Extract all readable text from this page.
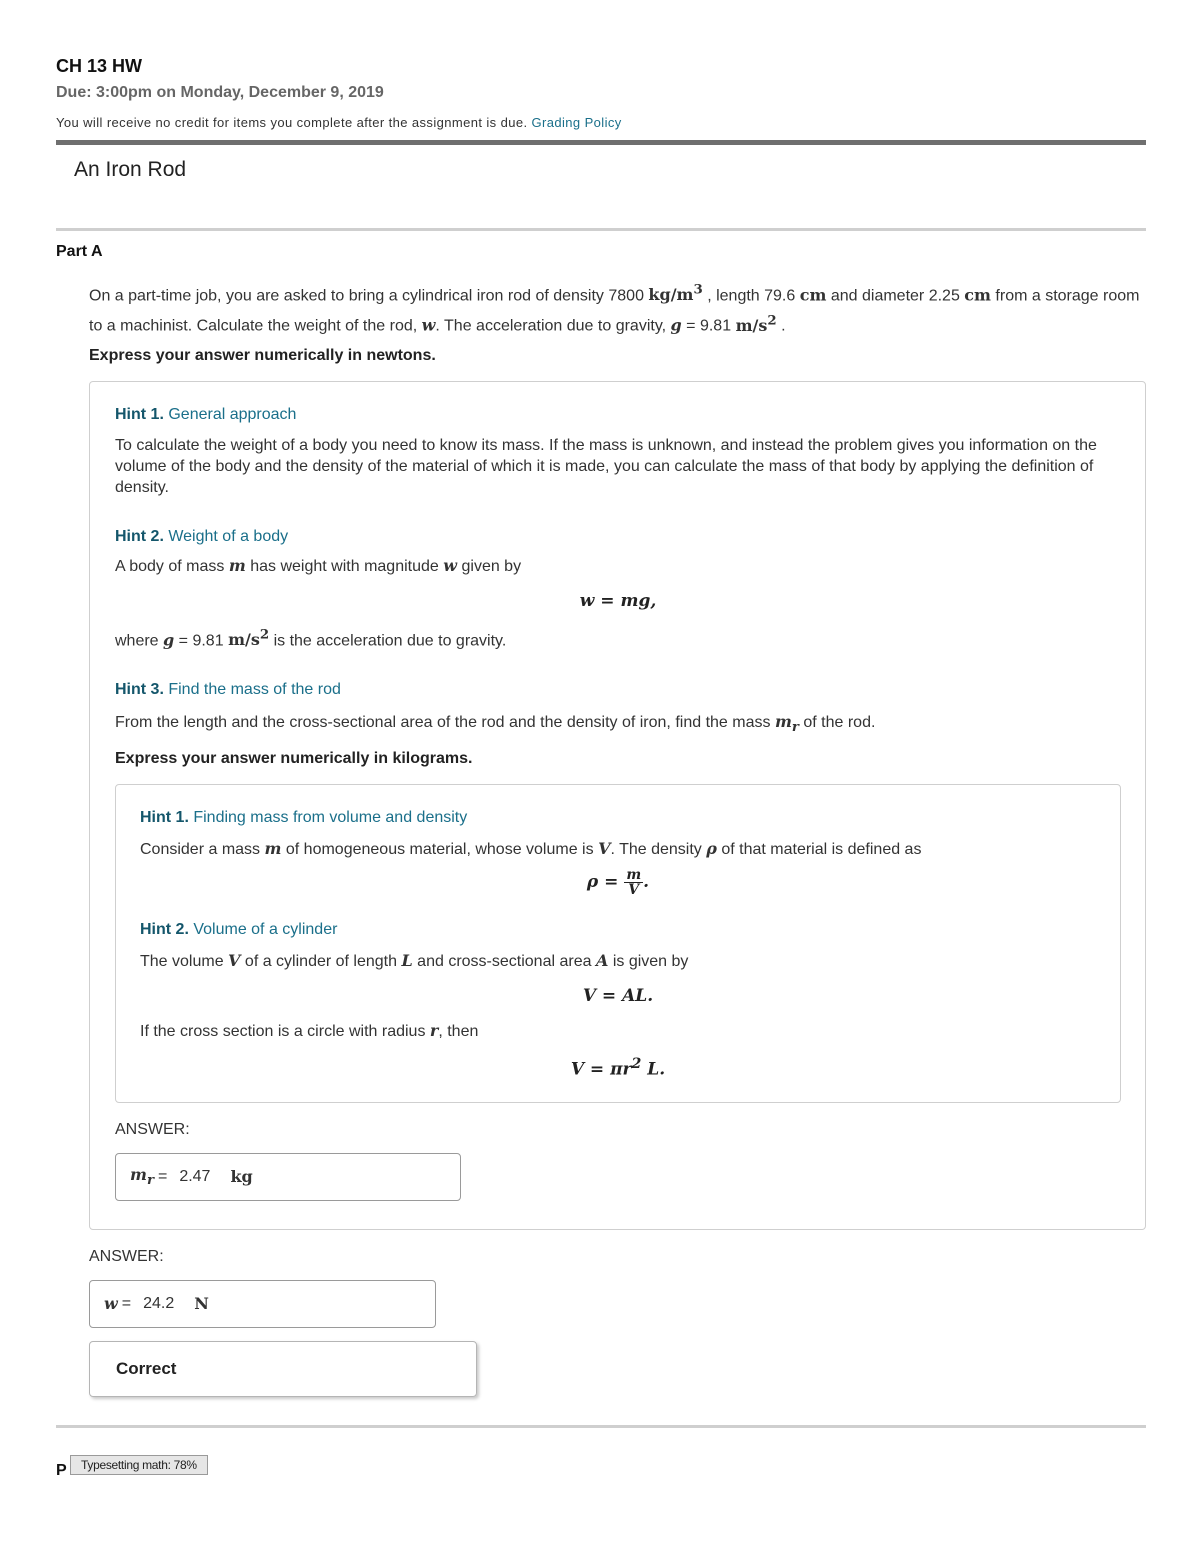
CH 13 HW
Due: 3:00pm on Monday, December 9, 2019
You will receive no credit for items you complete after the assignment is due. Grading Policy
An Iron Rod
Part A
On a part-time job, you are asked to bring a cylindrical iron rod of density 7800 $kg/m^3$ , length 79.6 cm and diameter 2.25 cm from a storage room to a machinist. Calculate the weight of the rod, w. The acceleration due to gravity, g = 9.81 $m/s^2$ .
Express your answer numerically in newtons.
Hint 1. General approach
To calculate the weight of a body you need to know its mass. If the mass is unknown, and instead the problem gives you information on the volume of the body and the density of the material of which it is made, you can calculate the mass of that body by applying the definition of density.
Hint 2. Weight of a body
A body of mass m has weight with magnitude w given by
w = mg,
where g = 9.81 $m/s^2$ is the acceleration due to gravity.
Hint 3. Find the mass of the rod
From the length and the cross-sectional area of the rod and the density of iron, find the mass $m_r$ of the rod.
Express your answer numerically in kilograms.
Hint 1. Finding mass from volume and density
Consider a mass m of homogeneous material, whose volume is V. The density ρ of that material is defined as
$\rho = \frac{m}{V}$ .
Hint 2. Volume of a cylinder
The volume V of a cylinder of length L and cross-sectional area A is given by
V = AL.
If the cross section is a circle with radius r, then
$V = \pi r^2$ L.
ANSWER:
$m_r = 2.47$ kg
ANSWER:
w = 24.2 N
Correct
P	Typesetting math: 78%
